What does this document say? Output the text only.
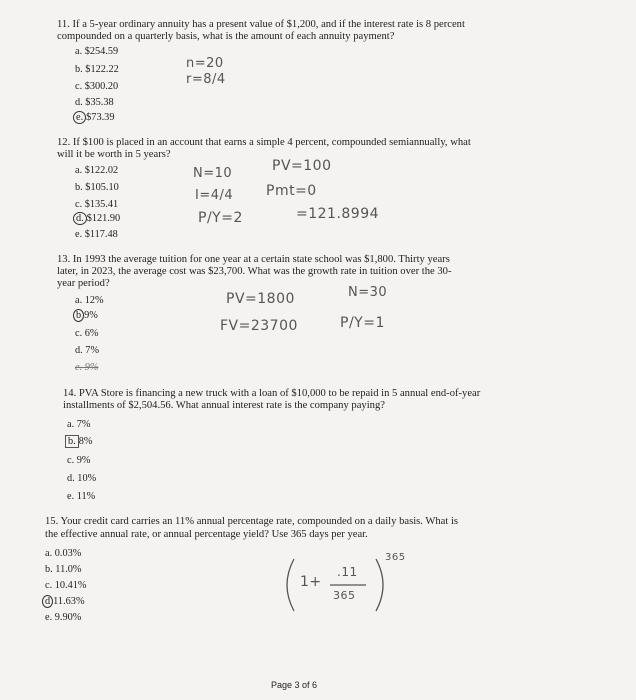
11. If a 5-year ordinary annuity has a present value of $1,200, and if the interest rate is 8 percent
compounded on a quarterly basis, what is the amount of each annuity payment?
a. $254.59
b. $122.22
c. $300.20
d. $35.38
e. $73.39
n=20
r=8/4
12. If $100 is placed in an account that earns a simple 4 percent, compounded semiannually, what
will it be worth in 5 years?
a. $122.02
b. $105.10
c. $135.41
d. $121.90
e. $117.48
N=10	PV=100
I=4/4 Pmt=0
P/Y=2	=121.8994
13. In 1993 the average tuition for one year at a certain state school was $1,800. Thirty years
later, in 2023, the average cost was $23,700. What was the growth rate in tuition over the 30-
year period?
a. 12%
b 9%
c. 6%
d. 7%
e. 9%
PV=1800	N=30
FV=23700	P/Y=1
14. PVA Store is financing a new truck with a loan of $10,000 to be repaid in 5 annual end-of-year
installments of $2,504.56. What annual interest rate is the company paying?
a. 7%
b. 8%
c. 9%
d. 10%
e. 11%
15. Your credit card carries an 11% annual percentage rate, compounded on a daily basis. What is
the effective annual rate, or annual percentage yield? Use 365 days per year.
a. 0.03%
b. 11.0%
c. 10.41%
d 11.63%
e. 9.90%
1+
.11
365
365
Page 3 of 6
